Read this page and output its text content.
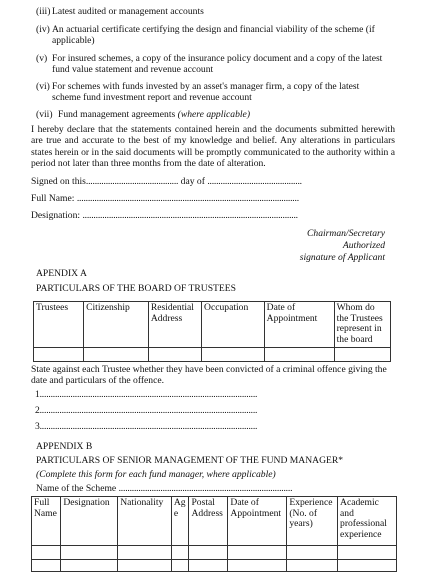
(iii) Latest audited or management accounts
(iv) An actuarial certificate certifying the design and financial viability of the scheme (if applicable)
(v) For insured schemes, a copy of the insurance policy document and a copy of the latest fund value statement and revenue account
(vi) For schemes with funds invested by an asset's manager firm, a copy of the latest scheme fund investment report and revenue account
(vii) Fund management agreements (where applicable)
I hereby declare that the statements contained herein and the documents submitted herewith are true and accurate to the best of my knowledge and belief. Any alterations in particulars states herein or in the said documents will be promptly communicated to the authority within a period not later than three months from the date of alteration.
Signed on this.......................................... day of ...........................................
Full Name: .....................................................................................................
Designation: ..................................................................................................
Chairman/Secretary
Authorized
signature of Applicant
APENDIX A
PARTICULARS OF THE BOARD OF TRUSTEES
Trustees	Citizenship	Residential Address	Occupation	Date of Appointment	Whom do the Trustees represent in the board

State against each Trustee whether they have been convicted of a criminal offence giving the date and particulars of the offence.
1...................................................................................................
2...................................................................................................
3...................................................................................................
APPENDIX B
PARTICULARS OF SENIOR MANAGEMENT OF THE FUND MANAGER*
(Complete this form for each fund manager, where applicable)
Name of the Scheme ...............................................................................
Full Name	Designation	Nationality	Ag e	Postal Address	Date of Appointment	Experience (No. of years)	Academic and professional experience
